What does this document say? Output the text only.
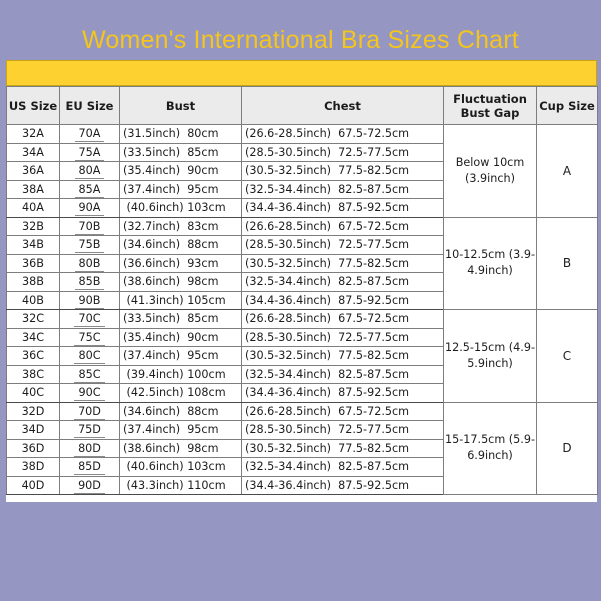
Women's International Bra Sizes Chart
US Size	EU Size	Bust	Chest	Fluctuation Bust Gap	Cup Size
32A	70A	(31.5inch)  80cm	(26.6-28.5inch)  67.5-72.5cm	Below 10cm (3.9inch)	A
34A	75A	(33.5inch)  85cm	(28.5-30.5inch)  72.5-77.5cm		
36A	80A	(35.4inch)  90cm	(30.5-32.5inch)  77.5-82.5cm		
38A	85A	(37.4inch)  95cm	(32.5-34.4inch)  82.5-87.5cm		
40A	90A	(40.6inch) 103cm	(34.4-36.4inch)  87.5-92.5cm		
32B	70B	(32.7inch)  83cm	(26.6-28.5inch)  67.5-72.5cm	10-12.5cm (3.9-4.9inch)	B
34B	75B	(34.6inch)  88cm	(28.5-30.5inch)  72.5-77.5cm		
36B	80B	(36.6inch)  93cm	(30.5-32.5inch)  77.5-82.5cm		
38B	85B	(38.6inch)  98cm	(32.5-34.4inch)  82.5-87.5cm		
40B	90B	(41.3inch) 105cm	(34.4-36.4inch)  87.5-92.5cm		
32C	70C	(33.5inch)  85cm	(26.6-28.5inch)  67.5-72.5cm	12.5-15cm (4.9-5.9inch)	C
34C	75C	(35.4inch)  90cm	(28.5-30.5inch)  72.5-77.5cm		
36C	80C	(37.4inch)  95cm	(30.5-32.5inch)  77.5-82.5cm		
38C	85C	(39.4inch) 100cm	(32.5-34.4inch)  82.5-87.5cm		
40C	90C	(42.5inch) 108cm	(34.4-36.4inch)  87.5-92.5cm		
32D	70D	(34.6inch)  88cm	(26.6-28.5inch)  67.5-72.5cm	15-17.5cm (5.9-6.9inch)	D
34D	75D	(37.4inch)  95cm	(28.5-30.5inch)  72.5-77.5cm		
36D	80D	(38.6inch)  98cm	(30.5-32.5inch)  77.5-82.5cm		
38D	85D	(40.6inch) 103cm	(32.5-34.4inch)  82.5-87.5cm		
40D	90D	(43.3inch) 110cm	(34.4-36.4inch)  87.5-92.5cm		
